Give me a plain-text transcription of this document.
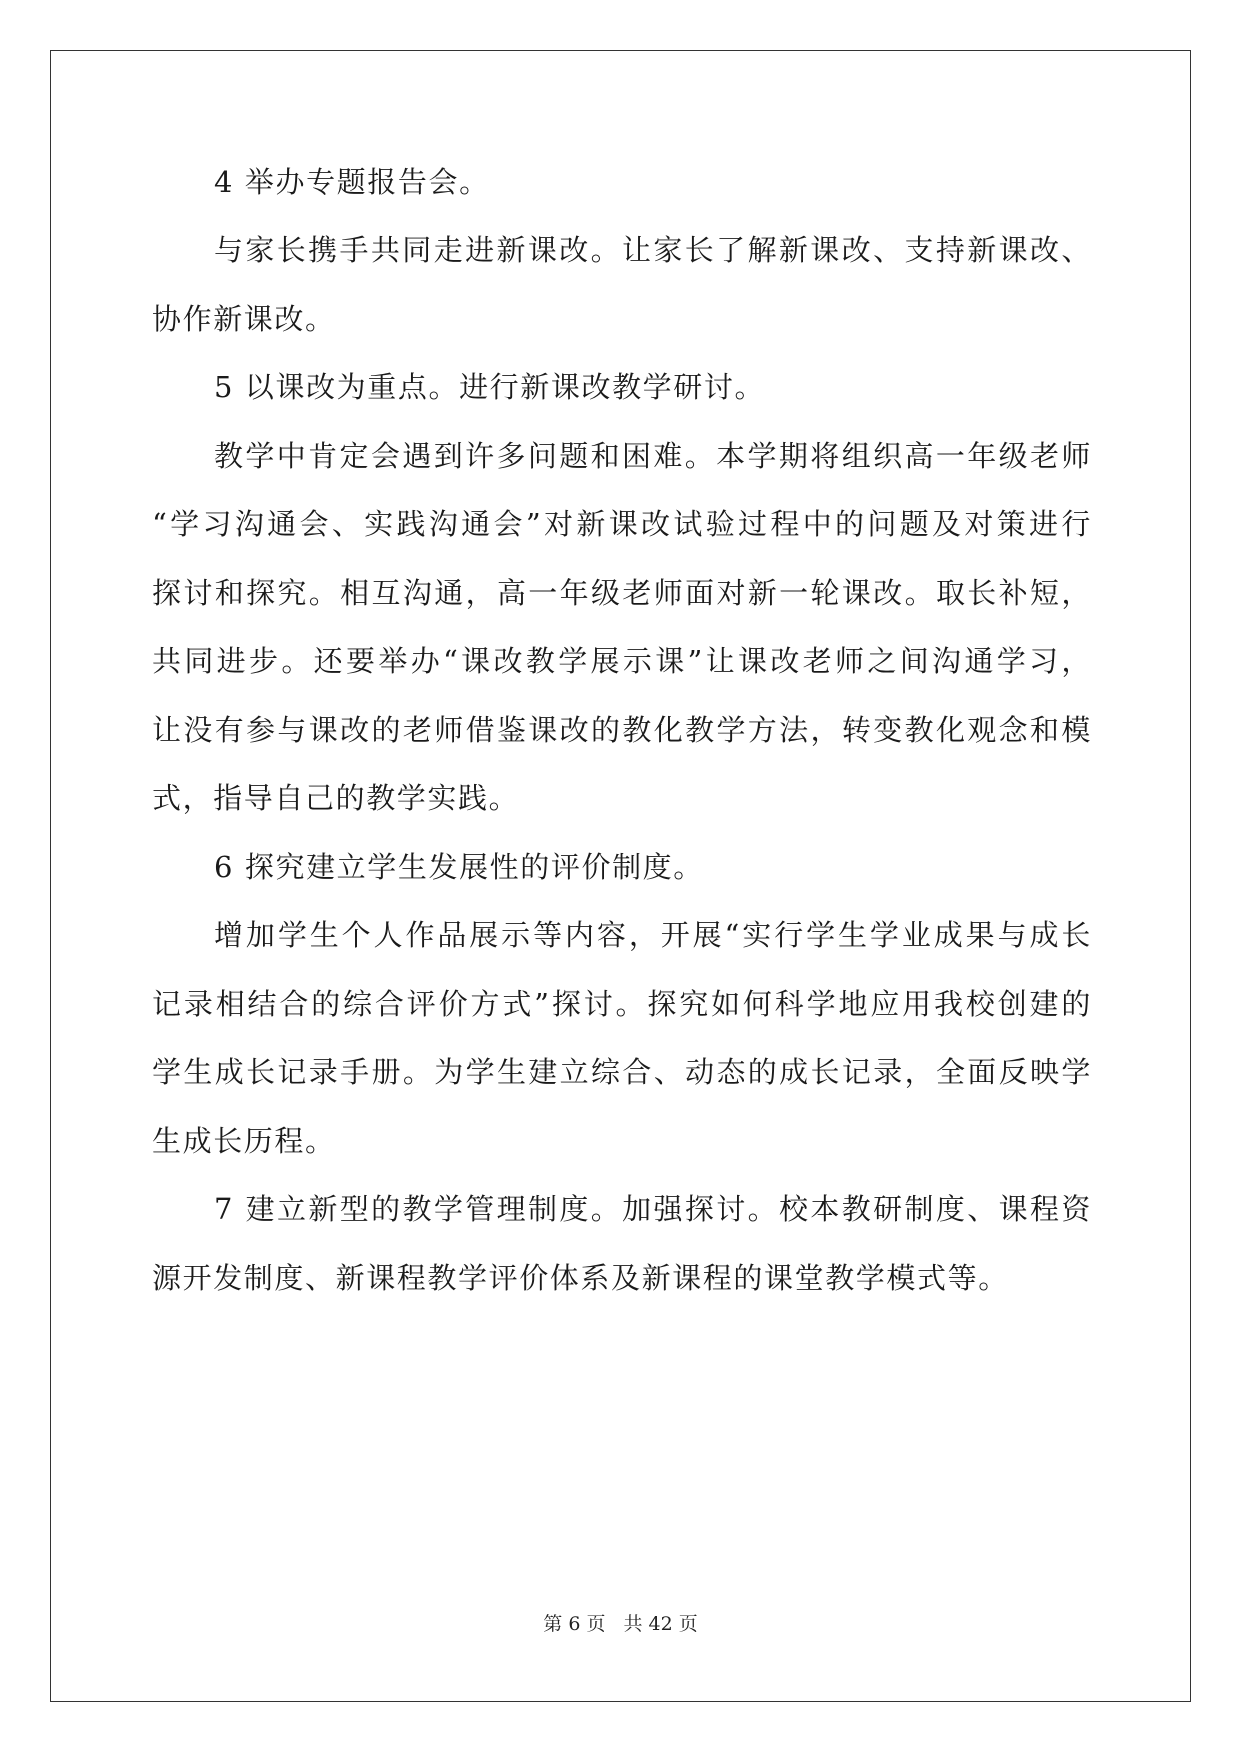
4 举办专题报告会。
与家长携手共同走进新课改。让家长了解新课改、支持新课改、
协作新课改。
5 以课改为重点。进行新课改教学研讨。
教学中肯定会遇到许多问题和困难。本学期将组织高一年级老师
“学习沟通会、实践沟通会”对新课改试验过程中的问题及对策进行
探讨和探究。相互沟通，高一年级老师面对新一轮课改。取长补短，
共同进步。还要举办“课改教学展示课”让课改老师之间沟通学习，
让没有参与课改的老师借鉴课改的教化教学方法，转变教化观念和模
式，指导自己的教学实践。
6 探究建立学生发展性的评价制度。
增加学生个人作品展示等内容，开展“实行学生学业成果与成长
记录相结合的综合评价方式”探讨。探究如何科学地应用我校创建的
学生成长记录手册。为学生建立综合、动态的成长记录，全面反映学
生成长历程。
7 建立新型的教学管理制度。加强探讨。校本教研制度、课程资
源开发制度、新课程教学评价体系及新课程的课堂教学模式等。
第 6 页 共 42 页
